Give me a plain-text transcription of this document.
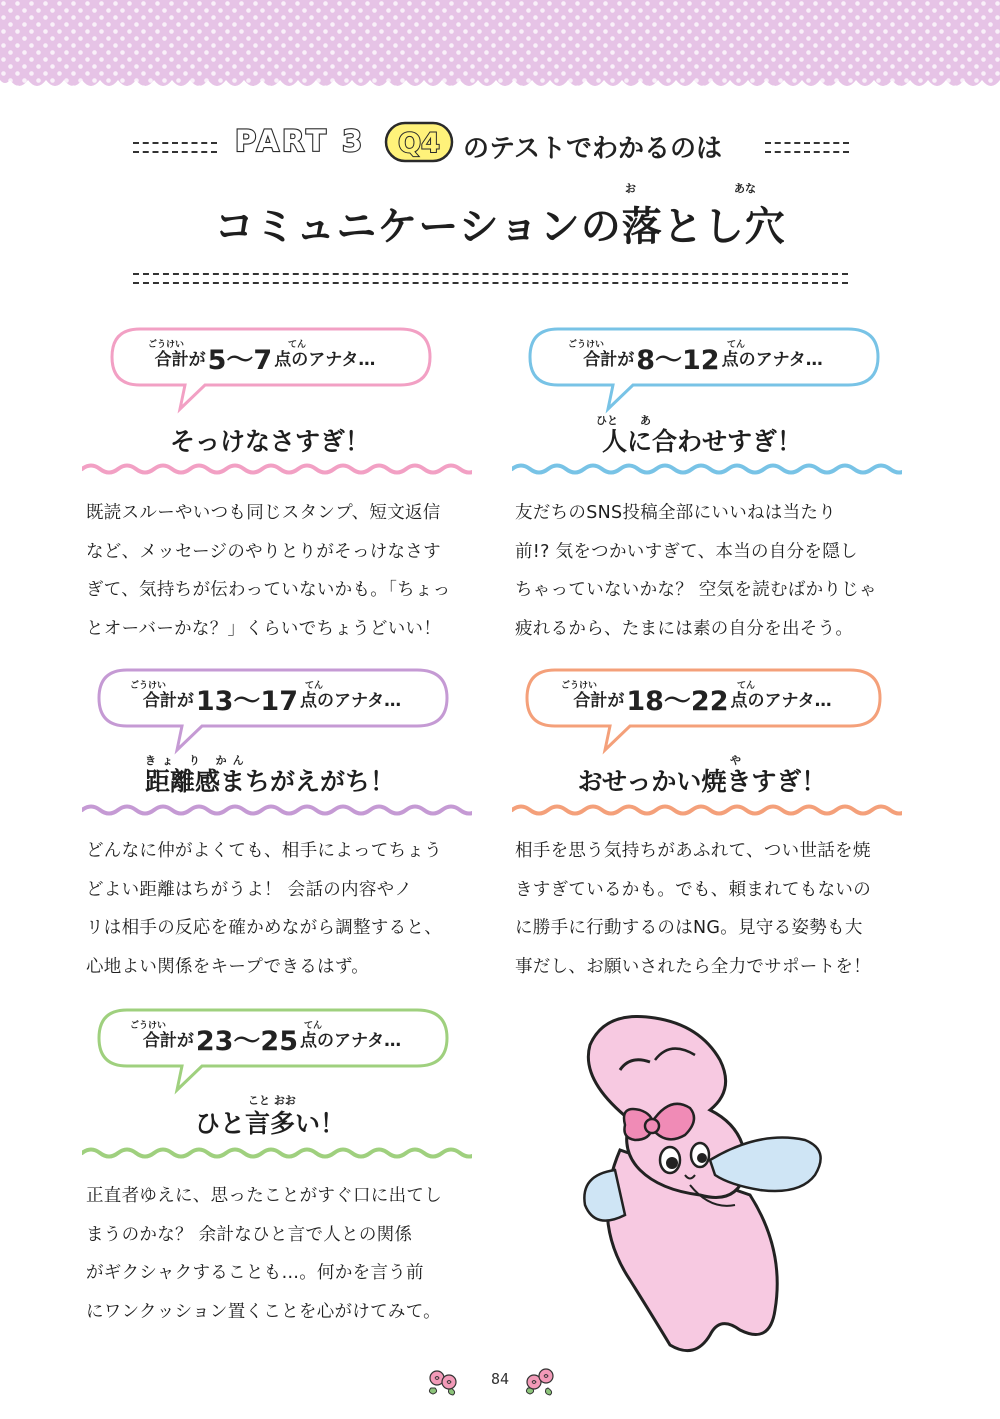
PART 3 Q4 のテストでわかるのは
お	あな
コミュニケーションの落とし穴
合計が 5～7 点のアナタ…
ごうけい	てん
そっけなさすぎ！
既読スルーやいつも同じスタンプ、短文返信
など、メッセージのやりとりがそっけなさす
ぎて、気持ちが伝わっていないかも。「ちょっ
とオーバーかな？」くらいでちょうどいい！
合計が 8～12 点のアナタ…
ごうけい	てん
ひと　　あ
人に合わせすぎ！
友だちのSNS投稿全部にいいねは当たり
前!? 気をつかいすぎて、本当の自分を隠し
ちゃっていないかな？ 空気を読むばかりじゃ
疲れるから、たまには素の自分を出そう。
合計が 13～17 点のアナタ…
ごうけい	てん
きょ り かん
距離感まちがえがち！
どんなに仲がよくても、相手によってちょう
どよい距離はちがうよ！ 会話の内容やノ
リは相手の反応を確かめながら調整すると、
心地よい関係をキープできるはず。
合計が 18～22 点のアナタ…
ごうけい	てん
や
おせっかい焼きすぎ！
相手を思う気持ちがあふれて、つい世話を焼
きすぎているかも。でも、頼まれてもないの
に勝手に行動するのはNG。見守る姿勢も大
事だし、お願いされたら全力でサポートを！
合計が 23～25 点のアナタ…
ごうけい	てん
こと おお
ひと言多い！
正直者ゆえに、思ったことがすぐ口に出てし
まうのかな？ 余計なひと言で人との関係
がギクシャクすることも…。何かを言う前
にワンクッション置くことを心がけてみて。
84
